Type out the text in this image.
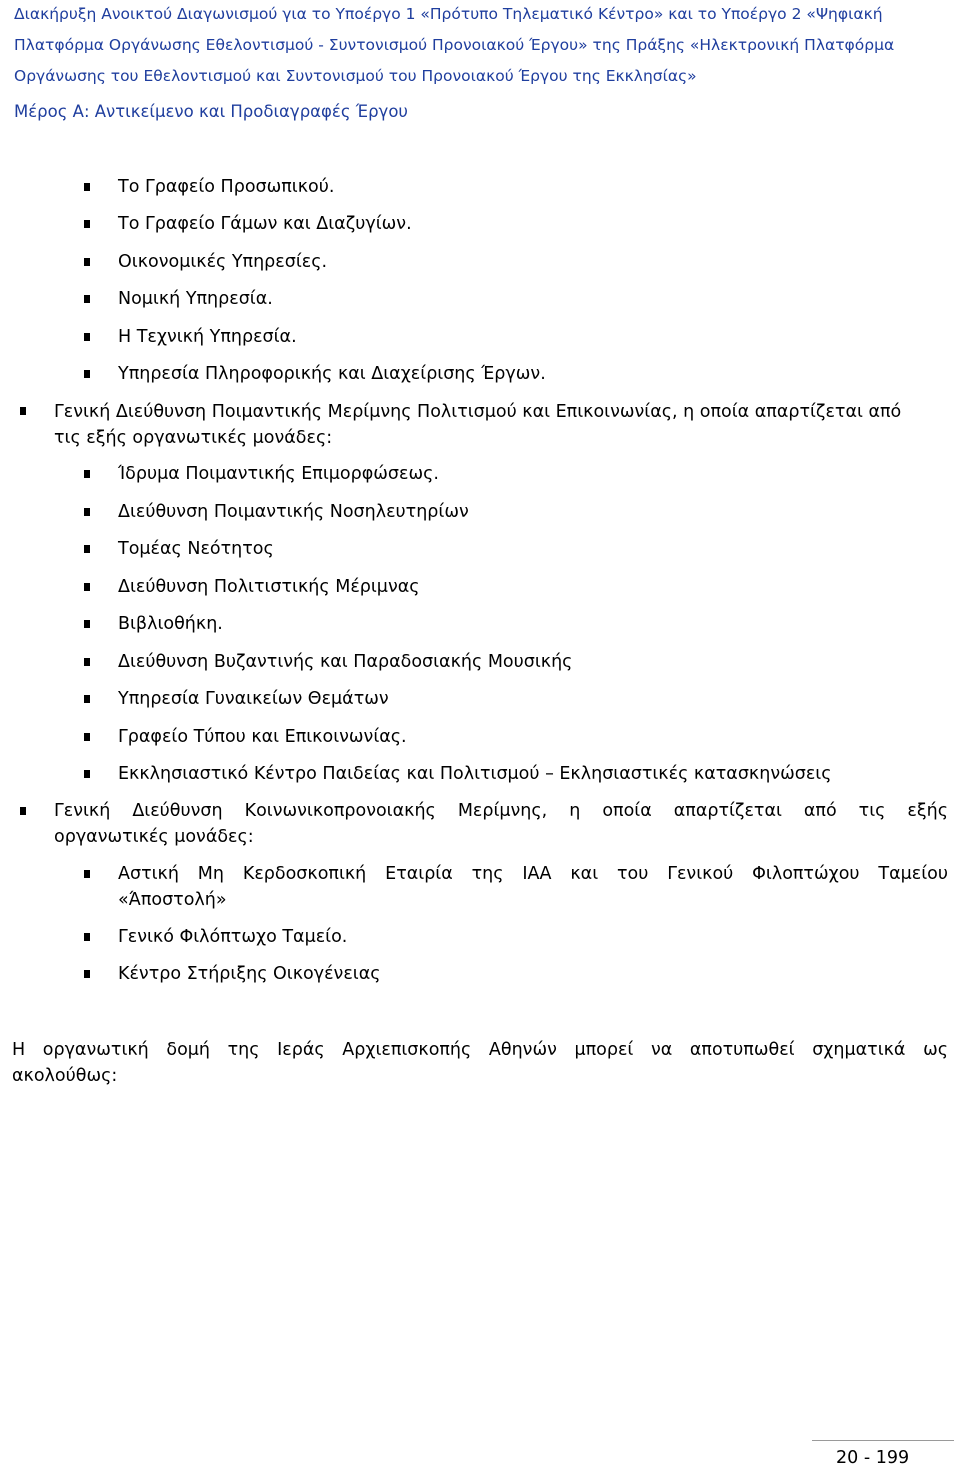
Διακήρυξη Ανοικτού Διαγωνισμού για το Υποέργο 1 «Πρότυπο Τηλεματικό Κέντρο» και το Υποέργο 2 «Ψηφιακή
Πλατφόρμα Οργάνωσης Εθελοντισμού - Συντονισμού Προνοιακού Έργου» της Πράξης «Ηλεκτρονική Πλατφόρμα
Οργάνωσης του Εθελοντισμού και Συντονισμού του Προνοιακού Έργου της Εκκλησίας»
Μέρος Α: Αντικείμενο και Προδιαγραφές Έργου
Το Γραφείο Προσωπικού.
Το Γραφείο Γάμων και Διαζυγίων.
Οικονομικές Υπηρεσίες.
Νομική Υπηρεσία.
Η Τεχνική Υπηρεσία.
Υπηρεσία Πληροφορικής και Διαχείρισης Έργων.
Γενική Διεύθυνση Ποιμαντικής Μερίμνης Πολιτισμού και Επικοινωνίας, η οποία απαρτίζεται από
τις εξής οργανωτικές μονάδες:
Ίδρυμα Ποιμαντικής Επιμορφώσεως.
Διεύθυνση Ποιμαντικής Νοσηλευτηρίων
Τομέας Νεότητος
Διεύθυνση Πολιτιστικής Μέριμνας
Βιβλιοθήκη.
Διεύθυνση Βυζαντινής και Παραδοσιακής Μουσικής
Υπηρεσία Γυναικείων Θεμάτων
Γραφείο Τύπου και Επικοινωνίας.
Εκκλησιαστικό Κέντρο Παιδείας και Πολιτισμού – Εκλησιαστικές κατασκηνώσεις
Γενική Διεύθυνση Κοινωνικοπρονοιακής Μερίμνης, η οποία απαρτίζεται από τις εξής
οργανωτικές μονάδες:
Αστική Μη Κερδοσκοπική Εταιρία της ΙΑΑ και του Γενικού Φιλοπτώχου Ταμείου
«Άποστολή»
Γενικό Φιλόπτωχο Ταμείο.
Κέντρο Στήριξης Οικογένειας
Η οργανωτική δομή της Ιεράς Αρχιεπισκοπής Αθηνών μπορεί να αποτυπωθεί σχηματικά ως
ακολούθως:
20 - 199
